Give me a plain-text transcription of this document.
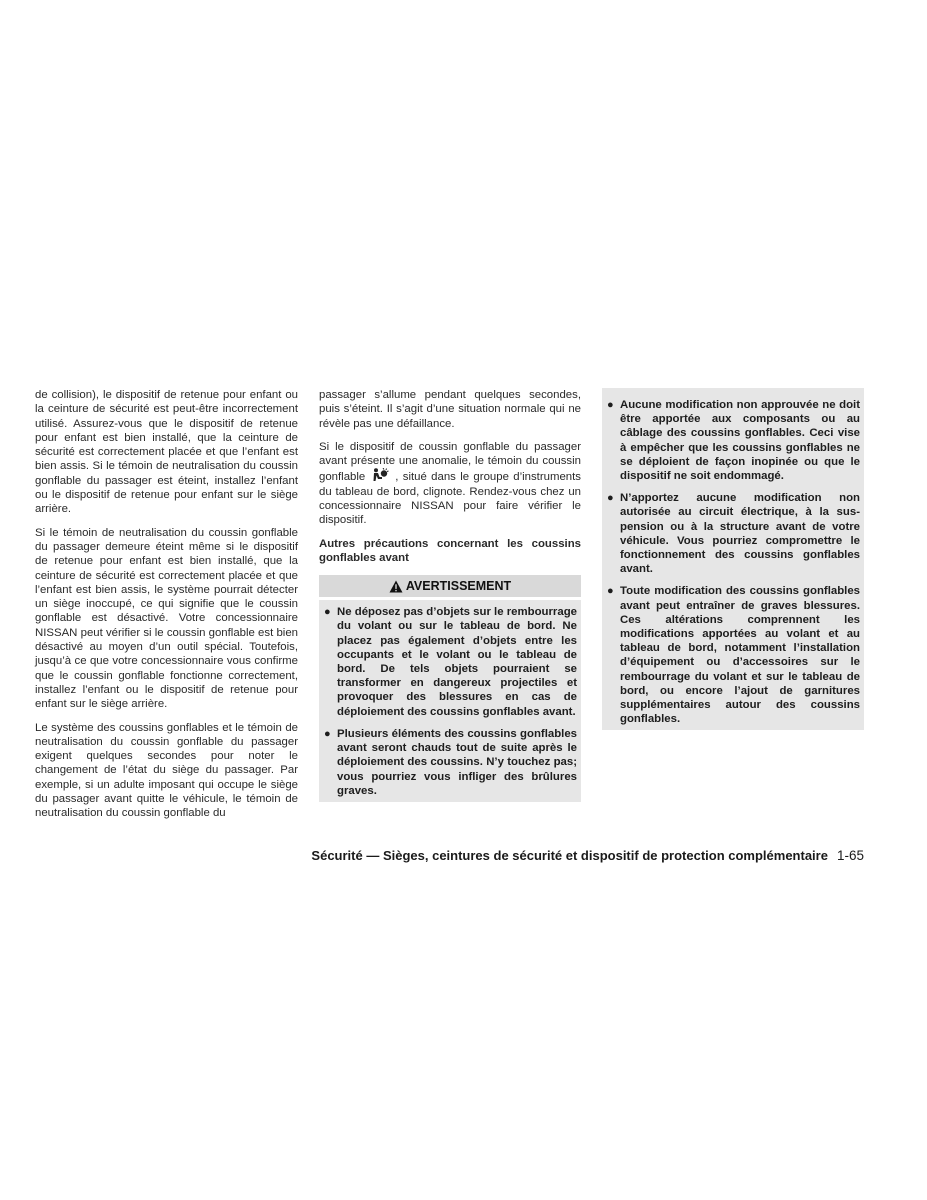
de collision), le dispositif de retenue pour enfant ou la ceinture de sécurité est peut-être incorrectement utilisé. Assurez-vous que le dispositif de retenue pour enfant est bien installé, que la ceinture de sécurité est correctement placée et que l’enfant est bien assis. Si le témoin de neutralisation du coussin gonflable du passager est éteint, installez l’enfant ou le dispositif de retenue pour enfant sur le siège arrière.

Si le témoin de neutralisation du coussin gonflable du passager demeure éteint même si le dispositif de retenue pour enfant est bien installé, que la ceinture de sécurité est correctement placée et que l’enfant est bien assis, le système pourrait détecter un siège inoccupé, ce qui signifie que le coussin gonflable est désactivé. Votre concessionnaire NISSAN peut vérifier si le coussin gonflable est bien désactivé au moyen d’un outil spécial. Toutefois, jusqu’à ce que votre concessionnaire vous confirme que le coussin gonflable fonctionne correctement, installez l’enfant ou le dispositif de retenue pour enfant sur le siège arrière.

Le système des coussins gonflables et le témoin de neutralisation du coussin gonflable du passager exigent quelques secondes pour noter le changement de l’état du siège du passager. Par exemple, si un adulte imposant qui occupe le siège du passager avant quitte le véhicule, le témoin de neutralisation du coussin gonflable du

passager s’allume pendant quelques secondes, puis s’éteint. Il s’agit d’une situation normale qui ne révèle pas une défaillance.

Si le dispositif de coussin gonflable du passager avant présente une anomalie, le témoin du coussin gonflable	, situé dans le groupe d’instruments du tableau de bord, clignote. Rendez-vous chez un concessionnaire NISSAN pour faire vérifier le dispositif.

Autres précautions concernant les coussins gonflables avant

AVERTISSEMENT
● Ne déposez pas d’objets sur le rembourrage du volant ou sur le tableau de bord. Ne placez pas également d’objets entre les occupants et le volant ou le tableau de bord. De tels objets pourraient se transformer en dangereux projectiles et provoquer des blessures en cas de déploiement des coussins gonflables avant.
● Plusieurs éléments des coussins gonflables avant seront chauds tout de suite après le déploiement des coussins. N’y touchez pas; vous pourriez vous infliger des brûlures graves.
● Aucune modification non approuvée ne doit être apportée aux composants ou au câblage des coussins gonflables. Ceci vise à empêcher que les coussins gonflables ne se déploient de façon inopinée ou que le dispositif ne soit endommagé.
● N’apportez aucune modification non autorisée au circuit électrique, à la suspension ou à la structure avant de votre véhicule. Vous pourriez compromettre le fonctionnement des coussins gonflables avant.
● Toute modification des coussins gonflables avant peut entraîner de graves blessures. Ces altérations comprennent les modifications apportées au volant et au tableau de bord, notamment l’installation d’équipement ou d’accessoires sur le rembourrage du volant et sur le tableau de bord, ou encore l’ajout de garnitures supplémentaires autour des coussins gonflables.
Sécurité — Sièges, ceintures de sécurité et dispositif de protection complémentaire 1-65
